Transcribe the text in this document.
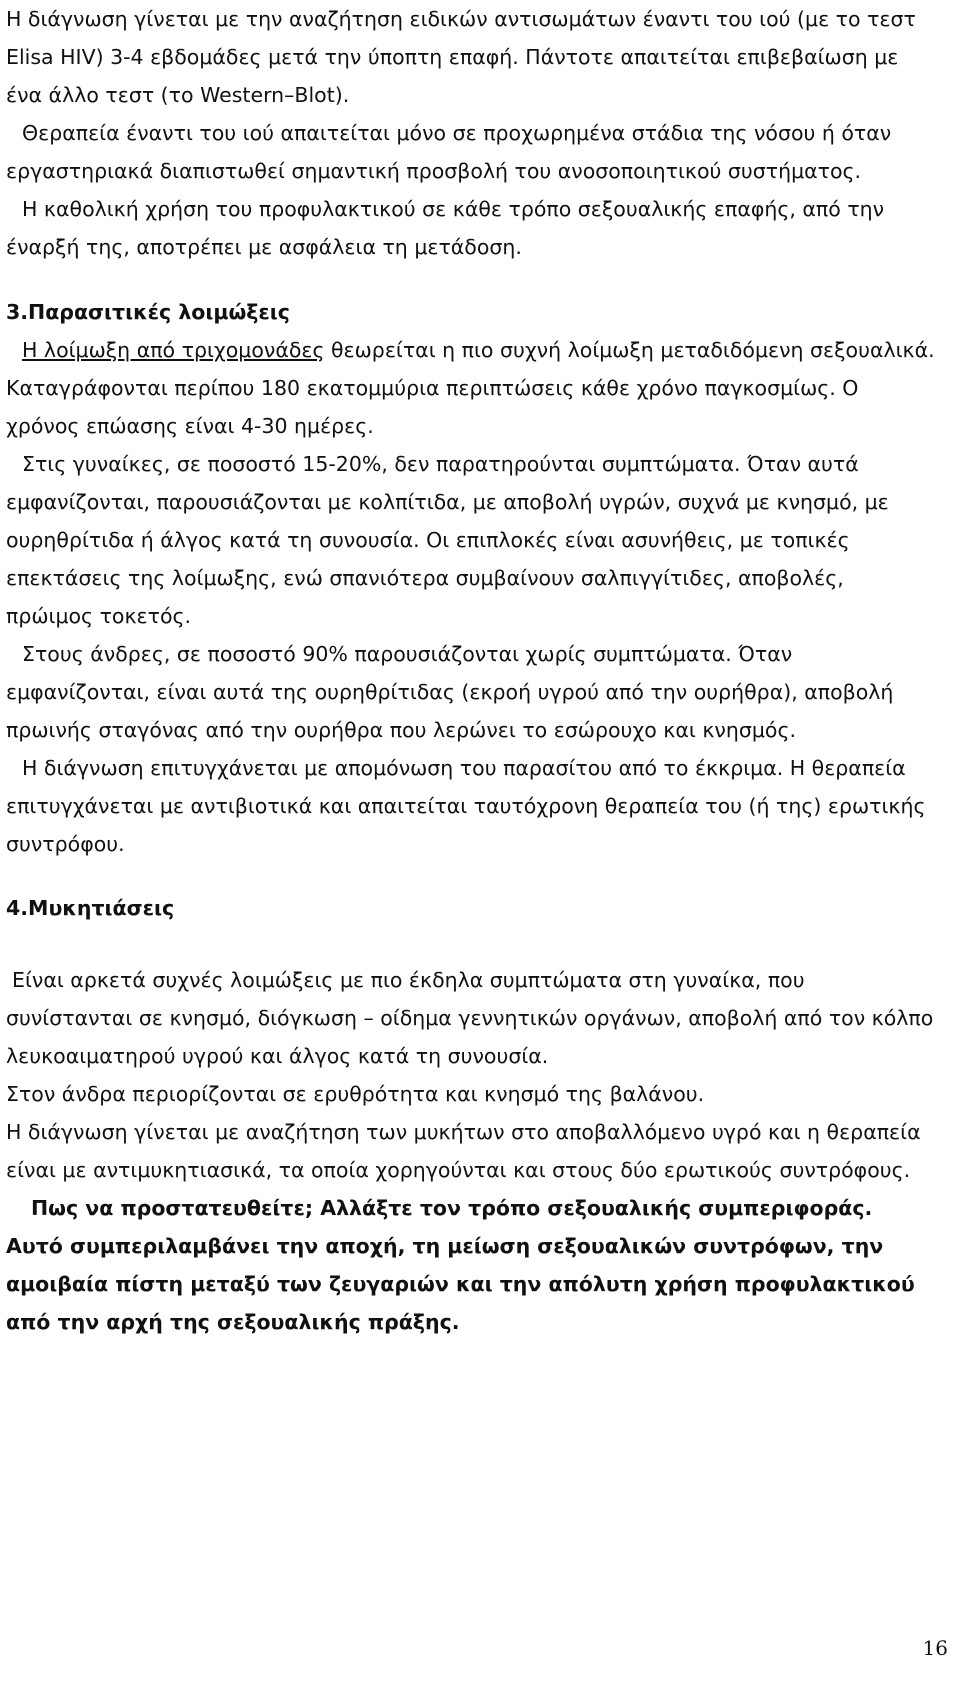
Η διάγνωση γίνεται με την αναζήτηση ειδικών αντισωμάτων έναντι του ιού (με το τεστ Elisa HIV) 3-4 εβδομάδες μετά την ύποπτη επαφή. Πάντοτε απαιτείται επιβεβαίωση με ένα άλλο τεστ (το Western–Blot).

Θεραπεία έναντι του ιού απαιτείται μόνο σε προχωρημένα στάδια της νόσου ή όταν εργαστηριακά διαπιστωθεί σημαντική προσβολή του ανοσοποιητικού συστήματος.

Η καθολική χρήση του προφυλακτικού σε κάθε τρόπο σεξουαλικής επαφής, από την έναρξή της, αποτρέπει με ασφάλεια τη μετάδοση.

3.Παρασιτικές λοιμώξεις

Η λοίμωξη από τριχομονάδες θεωρείται η πιο συχνή λοίμωξη μεταδιδόμενη σεξουαλικά. Καταγράφονται περίπου 180 εκατομμύρια περιπτώσεις κάθε χρόνο παγκοσμίως. Ο χρόνος επώασης είναι 4-30 ημέρες.

Στις γυναίκες, σε ποσοστό 15-20%, δεν παρατηρούνται συμπτώματα. Όταν αυτά εμφανίζονται, παρουσιάζονται με κολπίτιδα, με αποβολή υγρών, συχνά με κνησμό, με ουρηθρίτιδα ή άλγος κατά τη συνουσία. Οι επιπλοκές είναι ασυνήθεις, με τοπικές επεκτάσεις της λοίμωξης, ενώ σπανιότερα συμβαίνουν σαλπιγγίτιδες, αποβολές, πρώιμος τοκετός.

Στους άνδρες, σε ποσοστό 90% παρουσιάζονται χωρίς συμπτώματα. Όταν εμφανίζονται, είναι αυτά της ουρηθρίτιδας (εκροή υγρού από την ουρήθρα), αποβολή πρωινής σταγόνας από την ουρήθρα που λερώνει το εσώρουχο και κνησμός.

Η διάγνωση επιτυγχάνεται με απομόνωση του παρασίτου από το έκκριμα. Η θεραπεία επιτυγχάνεται με αντιβιοτικά και απαιτείται ταυτόχρονη θεραπεία του (ή της) ερωτικής συντρόφου.

4.Μυκητιάσεις

Είναι αρκετά συχνές λοιμώξεις με πιο έκδηλα συμπτώματα στη γυναίκα, που συνίστανται σε κνησμό, διόγκωση – οίδημα γεννητικών οργάνων, αποβολή από τον κόλπο λευκοαιματηρού υγρού και άλγος κατά τη συνουσία.

Στον άνδρα περιορίζονται σε ερυθρότητα και κνησμό της βαλάνου.

Η διάγνωση γίνεται με αναζήτηση των μυκήτων στο αποβαλλόμενο υγρό και η θεραπεία είναι με αντιμυκητιασικά, τα οποία χορηγούνται και στους δύο ερωτικούς συντρόφους.

Πως να προστατευθείτε; Αλλάξτε τον τρόπο σεξουαλικής συμπεριφοράς. Αυτό συμπεριλαμβάνει την αποχή, τη μείωση σεξουαλικών συντρόφων, την αμοιβαία πίστη μεταξύ των ζευγαριών και την απόλυτη χρήση προφυλακτικού από την αρχή της σεξουαλικής πράξης.

16
